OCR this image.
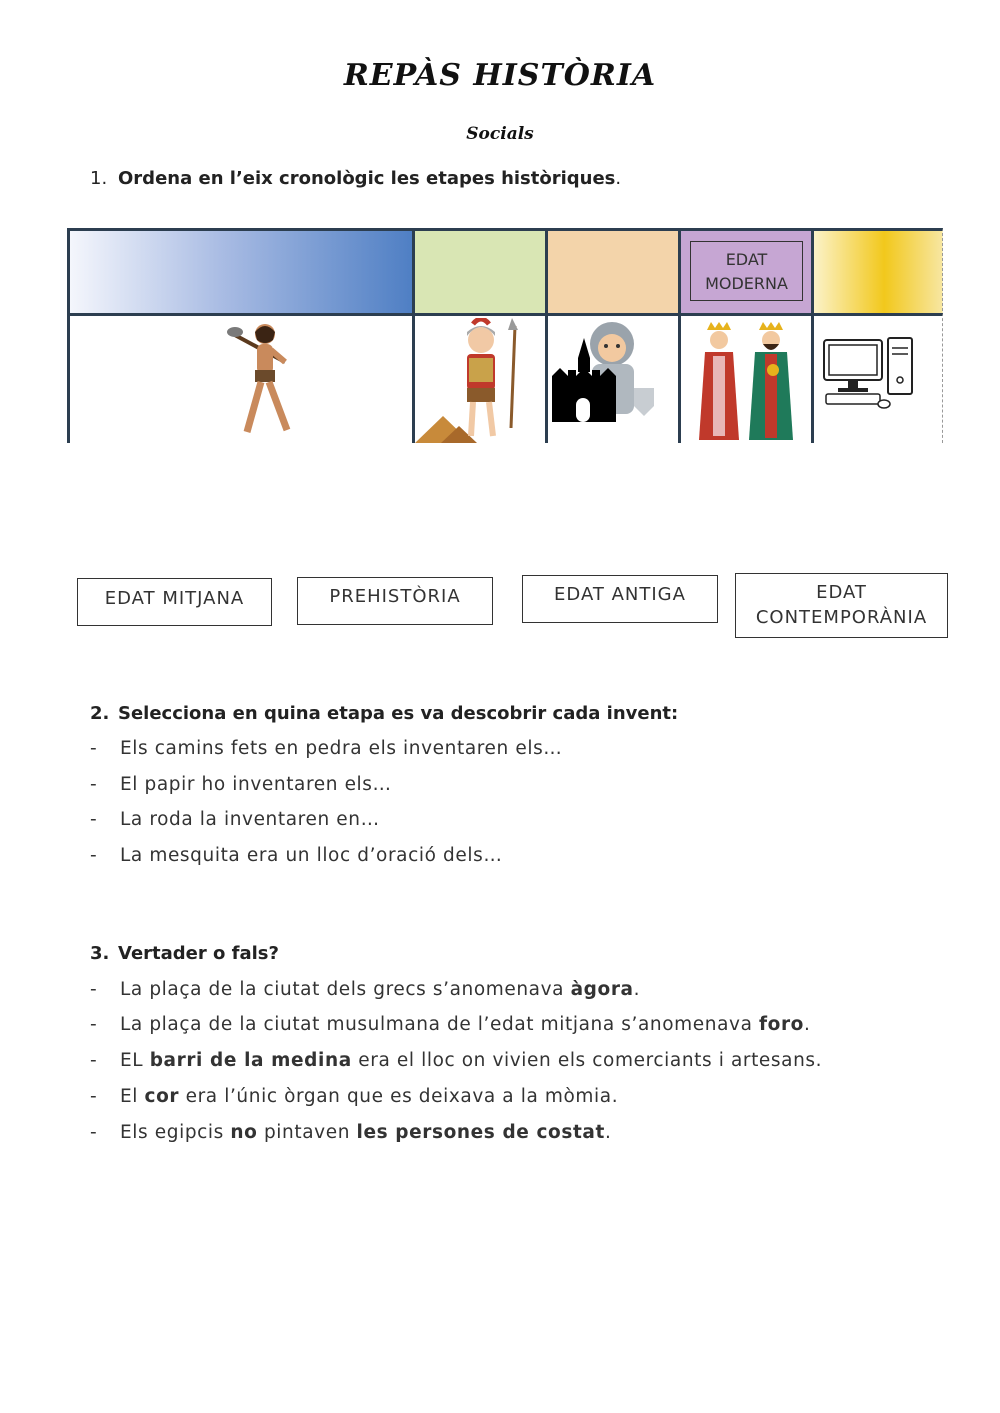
REPÀS HISTÒRIA
Socials
1. Ordena en l’eix cronològic les etapes històriques.
EDAT
MODERNA
EDAT MITJANA	PREHISTÒRIA	EDAT ANTIGA	EDAT
CONTEMPORÀNIA
2. Selecciona en quina etapa es va descobrir cada invent:
- Els camins fets en pedra els inventaren els…
- El papir ho inventaren els…
- La roda la inventaren en…
- La mesquita era un lloc d’oració dels…
3. Vertader o fals?
- La plaça de la ciutat dels grecs s’anomenava àgora.
- La plaça de la ciutat musulmana de l’edat mitjana s’anomenava foro.
- EL barri de la medina era el lloc on vivien els comerciants i artesans.
- El cor era l’únic òrgan que es deixava a la mòmia.
- Els egipcis no pintaven les persones de costat.
